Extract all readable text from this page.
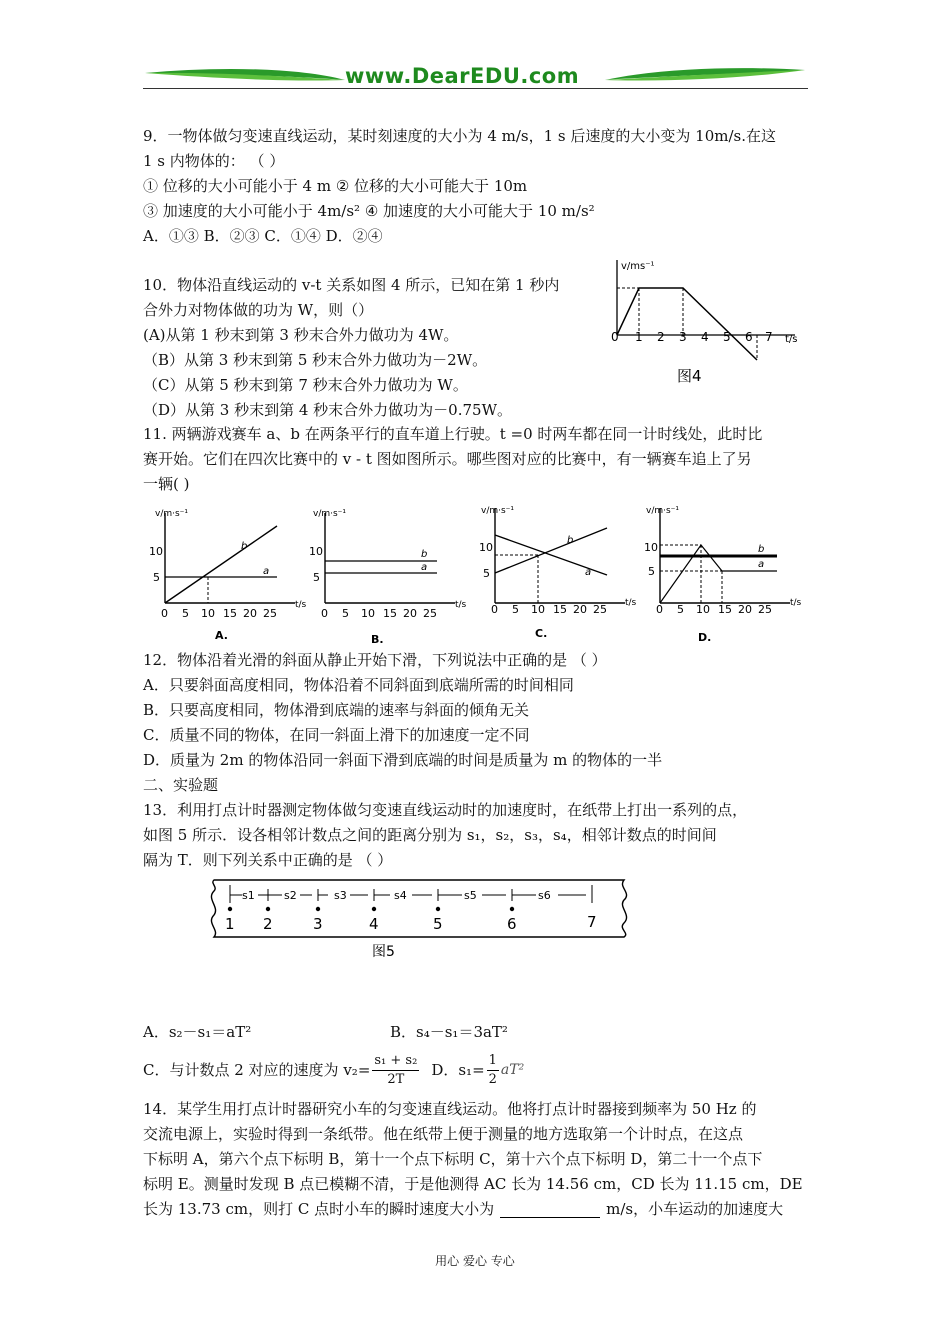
www.DearEDU.com
9．一物体做匀变速直线运动，某时刻速度的大小为 4 m/s，1 s 后速度的大小变为 10m/s.在这
1 s 内物体的： （ ）
① 位移的大小可能小于 4 m ② 位移的大小可能大于 10m
③ 加速度的大小可能小于 4m/s² ④ 加速度的大小可能大于 10 m/s²
A．①③ B．②③ C．①④ D．②④
10．物体沿直线运动的 v-t 关系如图 4 所示，已知在第 1 秒内
合外力对物体做的功为 W，则（）
(A)从第 1 秒末到第 3 秒末合外力做功为 4W。
（B）从第 3 秒末到第 5 秒末合外力做功为－2W。
（C）从第 5 秒末到第 7 秒末合外力做功为 W。
（D）从第 3 秒末到第 4 秒末合外力做功为－0.75W。
v/ms⁻¹
t/s
0 1 2 3 4 5 6 7
图4
11. 两辆游戏赛车 a、b 在两条平行的直车道上行驶。t =0 时两车都在同一计时线处，此时比
赛开始。它们在四次比赛中的 v - t 图如图所示。哪些图对应的比赛中，有一辆赛车追上了另
一辆( )
v/m·s⁻¹
t/s
10
5
b
a
0 5 10 15 20 25
A.
v/m·s⁻¹
t/s
10
5
b
a
0 5 10 15 20 25
B.
v/m·s⁻¹
t/s
10
5
b
a
0 5 10 15 20 25
C.
v/m·s⁻¹
t/s
10
5
b
a
0 5 10 15 20 25
D.
12．物体沿着光滑的斜面从静止开始下滑，下列说法中正确的是 （ ）
A．只要斜面高度相同，物体沿着不同斜面到底端所需的时间相同
B．只要高度相同，物体滑到底端的速率与斜面的倾角无关
C．质量不同的物体，在同一斜面上滑下的加速度一定不同
D．质量为 2m 的物体沿同一斜面下滑到底端的时间是质量为 m 的物体的一半
二、实验题
13．利用打点计时器测定物体做匀变速直线运动时的加速度时，在纸带上打出一系列的点，
如图 5 所示．设各相邻计数点之间的距离分别为 s₁，s₂，s₃，s₄，相邻计数点的时间间
隔为 T．则下列关系中正确的是 （ ）
s1	s2	s3	s4	s5	s6
1 2	3	4	5	6	7
图5
A．s₂－s₁＝aT²	B．s₄－s₁＝3aT²
C．与计数点 2 对应的速度为 $v_2= \frac{\text{s₁ + s₂}}{2T}$ D．$s_1= \frac{1}{2} aT^2$
14．某学生用打点计时器研究小车的匀变速直线运动。他将打点计时器接到频率为 50 Hz 的
交流电源上，实验时得到一条纸带。他在纸带上便于测量的地方选取第一个计时点，在这点
下标明 A，第六个点下标明 B，第十一个点下标明 C，第十六个点下标明 D，第二十一个点下
标明 E。测量时发现 B 点已模糊不清，于是他测得 AC 长为 14.56 cm，CD 长为 11.15 cm，DE
长为 13.73 cm，则打 C 点时小车的瞬时速度大小为	m/s，小车运动的加速度大
用心 爱心 专心
